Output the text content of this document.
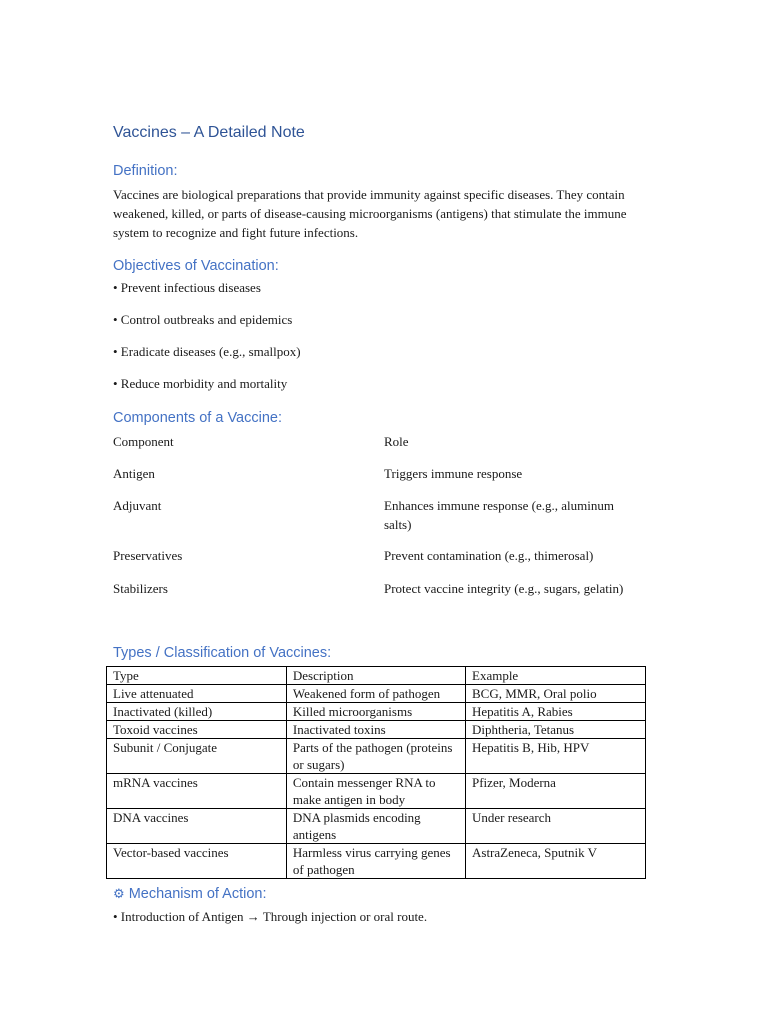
Vaccines – A Detailed Note
Definition:
Vaccines are biological preparations that provide immunity against specific diseases. They contain weakened, killed, or parts of disease-causing microorganisms (antigens) that stimulate the immune system to recognize and fight future infections.
Objectives of Vaccination:
• Prevent infectious diseases
• Control outbreaks and epidemics
• Eradicate diseases (e.g., smallpox)
• Reduce morbidity and mortality
Components of a Vaccine:
Component	Role
Antigen	Triggers immune response
Adjuvant	Enhances immune response (e.g., aluminum salts)
Preservatives	Prevent contamination (e.g., thimerosal)
Stabilizers	Protect vaccine integrity (e.g., sugars, gelatin)
Types / Classification of Vaccines:
Type	Description	Example
Live attenuated	Weakened form of pathogen	BCG, MMR, Oral polio
Inactivated (killed)	Killed microorganisms	Hepatitis A, Rabies
Toxoid vaccines	Inactivated toxins	Diphtheria, Tetanus
Subunit / Conjugate	Parts of the pathogen (proteins or sugars)	Hepatitis B, Hib, HPV
mRNA vaccines	Contain messenger RNA to make antigen in body	Pfizer, Moderna
DNA vaccines	DNA plasmids encoding antigens	Under research
Vector-based vaccines	Harmless virus carrying genes of pathogen	AstraZeneca, Sputnik V
⚙ Mechanism of Action:
• Introduction of Antigen → Through injection or oral route.
